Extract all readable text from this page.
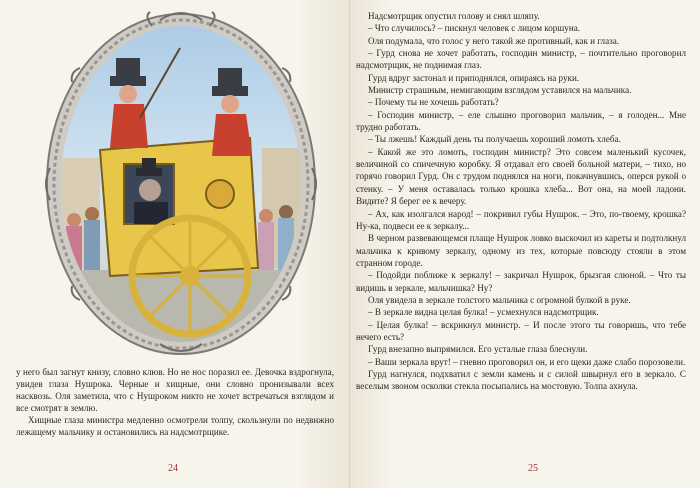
у него был загнут книзу, словно клюв. Но не нос поразил ее. Девочка вздрогнула, увидев глаза Нушрока. Черные и хищные, они словно пронизывали всех насквозь. Оля заметила, что с Нушроком никто не хочет встречаться взглядом и все смотрят в землю.

Хищные глаза министра медленно осмотрели толпу, скользнули по недвижно лежащему мальчику и остановились на надсмотрщике.

24	25

Надсмотрщик опустил голову и снял шляпу.

– Что случилось? – пискнул человек с лицом коршуна.

Оля подумала, что голос у него такой же противный, как и глаза.

– Гурд снова не хочет работать, господин министр, – почтительно проговорил надсмотрщик, не поднимая глаз.

Гурд вдруг застонал и приподнялся, опираясь на руки.

Министр страшным, немигающим взглядом уставился на мальчика.

– Почему ты не хочешь работать?

– Господин министр, – еле слышно проговорил мальчик, – я голоден... Мне трудно работать.

– Ты лжешь! Каждый день ты получаешь хороший ломоть хлеба.

– Какой же это ломоть, господин министр? Это совсем маленький кусочек, величиной со спичечную коробку. Я отдавал его своей больной матери, – тихо, но горячо говорил Гурд. Он с трудом поднялся на ноги, покачнувшись, оперся рукой о стенку. – У меня оставалась только крошка хлеба... Вот она, на моей ладони. Видите? Я берег ее к вечеру.

– Ах, как изолгался народ! – покривил губы Нушрок. – Это, по-твоему, крошка? Ну-ка, подвеси ее к зеркалу...

В черном развевающемся плаще Нушрок ловко выскочил из кареты и подтолкнул мальчика к кривому зеркалу, одному из тех, которые повсюду стояли в этом странном городе.

– Подойди поближе к зеркалу! – закричал Нушрок, брызгая слюной. – Что ты видишь в зеркале, мальчишка? Ну?

Оля увидела в зеркале толстого мальчика с огромной булкой в руке.

– В зеркале видна целая булка! – усмехнулся надсмотрщик.

– Целая булка! – вскрикнул министр. – И после этого ты говоришь, что тебе нечего есть?

Гурд внезапно выпрямился. Его усталые глаза блеснули.

– Ваши зеркала врут! – гневно проговорил он, и его щеки даже слабо порозовели.

Гурд нагнулся, подхватил с земли камень и с силой швырнул его в зеркало. С веселым звоном осколки стекла посыпались на мостовую. Толпа ахнула.
